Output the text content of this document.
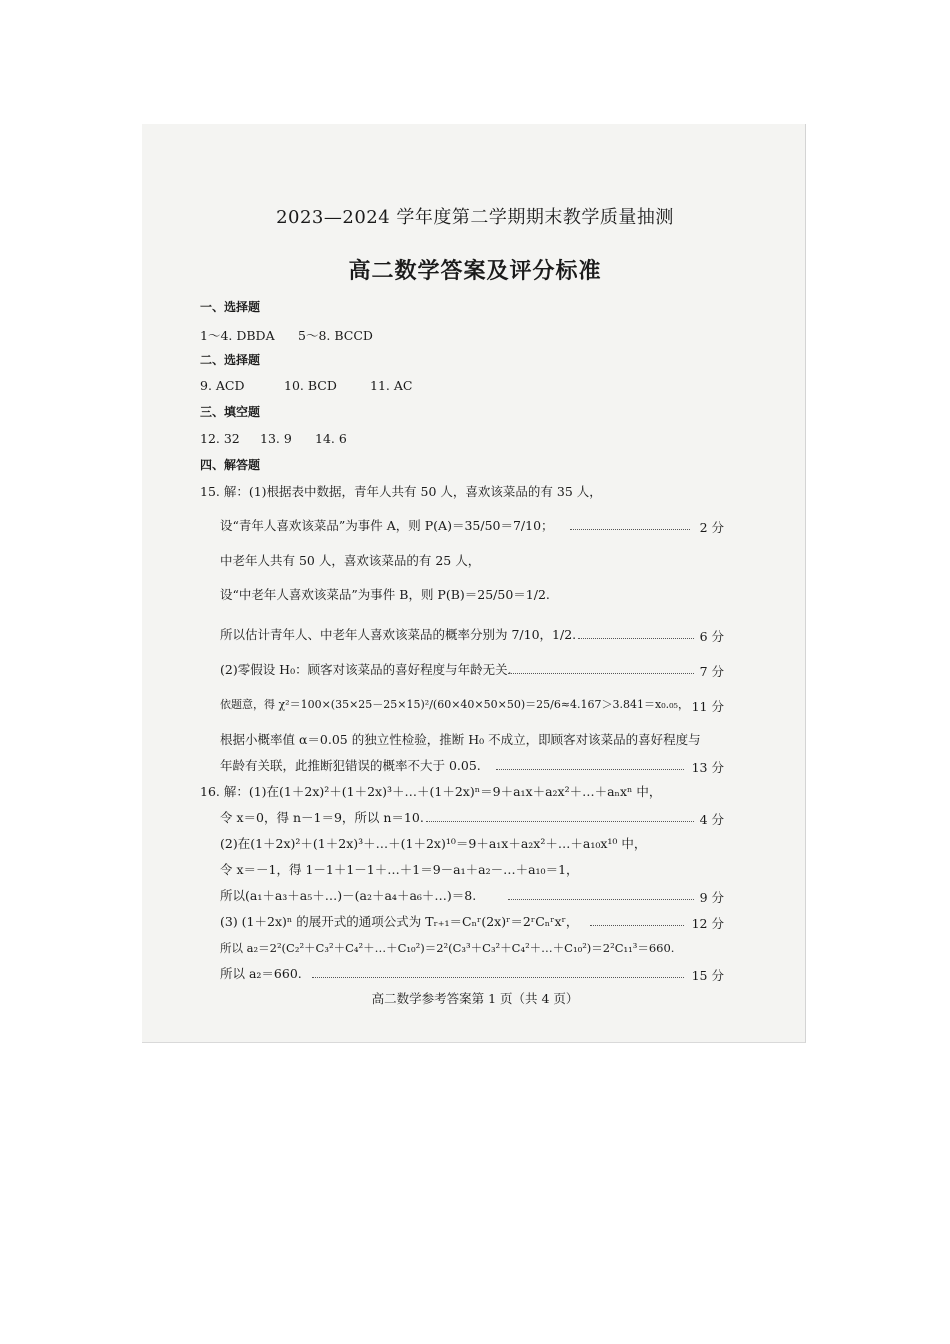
2023—2024 学年度第二学期期末教学质量抽测
高二数学答案及评分标准
一、选择题
1～4. DBDA 5～8. BCCD
二、选择题
9. ACD	10. BCD	11. AC
三、填空题
12. 32 13. 9 14. 6
四、解答题
15. 解：(1)根据表中数据，青年人共有 50 人，喜欢该菜品的有 35 人，
设“青年人喜欢该菜品”为事件 A，则 P(A)＝35/50＝7/10；	2 分
中老年人共有 50 人，喜欢该菜品的有 25 人，
设“中老年人喜欢该菜品”为事件 B，则 P(B)＝25/50＝1/2.
所以估计青年人、中老年人喜欢该菜品的概率分别为 7/10，1/2.	6 分
(2)零假设 H₀：顾客对该菜品的喜好程度与年龄无关.	7 分
依题意，得 χ²＝100×(35×25－25×15)²/(60×40×50×50)＝25/6≈4.167＞3.841＝x₀.₀₅， 11 分
根据小概率值 α＝0.05 的独立性检验，推断 H₀ 不成立，即顾客对该菜品的喜好程度与
年龄有关联，此推断犯错误的概率不大于 0.05.	13 分
16. 解：(1)在(1＋2x)²＋(1＋2x)³＋…＋(1＋2x)ⁿ＝9＋a₁x＋a₂x²＋…＋aₙxⁿ 中，
令 x＝0，得 n－1＝9，所以 n＝10.	4 分
(2)在(1＋2x)²＋(1＋2x)³＋…＋(1＋2x)¹⁰＝9＋a₁x＋a₂x²＋…＋a₁₀x¹⁰ 中，
令 x＝－1，得 1－1＋1－1＋…＋1＝9－a₁＋a₂－…＋a₁₀＝1，
所以(a₁＋a₃＋a₅＋…)－(a₂＋a₄＋a₆＋…)＝8.	9 分
(3) (1＋2x)ⁿ 的展开式的通项公式为 Tᵣ₊₁＝Cₙʳ(2x)ʳ＝2ʳCₙʳxʳ，	12 分
所以 a₂＝2²(C₂²＋C₃²＋C₄²＋…＋C₁₀²)＝2²(C₃³＋C₃²＋C₄²＋…＋C₁₀²)＝2²C₁₁³＝660.
所以 a₂＝660.	15 分
高二数学参考答案第 1 页（共 4 页）
